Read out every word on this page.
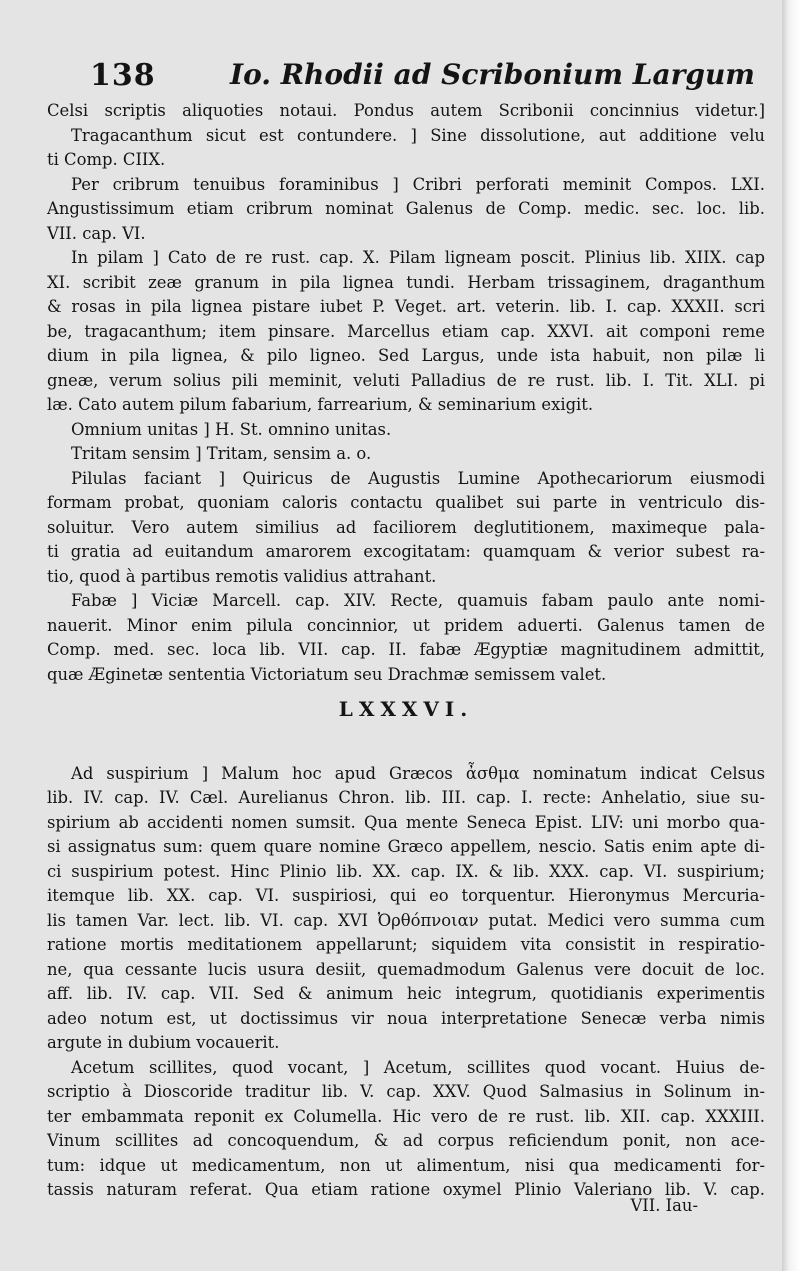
138	Io. Rhodii ad Scribonium Largum

Celsi scriptis aliquoties notaui. Pondus autem Scribonii concinnius videtur.]

Tragacanthum sicut est contundere. ] Sine dissolutione, aut additione velu

ti Comp. CIIX.

Per cribrum tenuibus foraminibus ] Cribri perforati meminit Compos. LXI.

Angustissimum etiam cribrum nominat Galenus de Comp. medic. sec. loc. lib.

VII. cap. VI.

In pilam ] Cato de re rust. cap. X. Pilam ligneam poscit. Plinius lib. XIIX. cap

XI. scribit zeæ granum in pila lignea tundi. Herbam trissaginem, draganthum

& rosas in pila lignea pistare iubet P. Veget. art. veterin. lib. I. cap. XXXII. scri

be, tragacanthum; item pinsare. Marcellus etiam cap. XXVI. ait componi reme

dium in pila lignea, & pilo ligneo. Sed Largus, unde ista habuit, non pilæ li

gneæ, verum solius pili meminit, veluti Palladius de re rust. lib. I. Tit. XLI. pi

læ. Cato autem pilum fabarium, farrearium, & seminarium exigit.

Omnium unitas ] H. St. omnino unitas.

Tritam sensim ] Tritam, sensim a. o.

Pilulas faciant ] Quiricus de Augustis Lumine Apothecariorum eiusmodi

formam probat, quoniam caloris contactu qualibet sui parte in ventriculo dis-

soluitur. Vero autem similius ad faciliorem deglutitionem, maximeque pala-

ti gratia ad euitandum amarorem excogitatam: quamquam & verior subest ra-

tio, quod à partibus remotis validius attrahant.

Fabæ ] Viciæ Marcell. cap. XIV. Recte, quamuis fabam paulo ante nomi-

nauerit. Minor enim pilula concinnior, ut pridem aduerti. Galenus tamen de

Comp. med. sec. loca lib. VII. cap. II. fabæ Ægyptiæ magnitudinem admittit,

quæ Æginetæ sententia Victoriatum seu Drachmæ semissem valet.

LXXXVI.

Ad suspirium ] Malum hoc apud Græcos ἆσθμα nominatum indicat Celsus

lib. IV. cap. IV. Cæl. Aurelianus Chron. lib. III. cap. I. recte: Anhelatio, siue su-

spirium ab accidenti nomen sumsit. Qua mente Seneca Epist. LIV: uni morbo qua-

si assignatus sum: quem quare nomine Græco appellem, nescio. Satis enim apte di-

ci suspirium potest. Hinc Plinio lib. XX. cap. IX. & lib. XXX. cap. VI. suspirium;

itemque lib. XX. cap. VI. suspiriosi, qui eo torquentur. Hieronymus Mercuria-

lis tamen Var. lect. lib. VI. cap. XVI Ὀρθόπνοιαν putat. Medici vero summa cum

ratione mortis meditationem appellarunt; siquidem vita consistit in respiratio-

ne, qua cessante lucis usura desiit, quemadmodum Galenus vere docuit de loc.

aff. lib. IV. cap. VII. Sed & animum heic integrum, quotidianis experimentis

adeo notum est, ut doctissimus vir noua interpretatione Senecæ verba nimis

argute in dubium vocauerit.

Acetum scillites, quod vocant, ] Acetum, scillites quod vocant. Huius de-

scriptio à Dioscoride traditur lib. V. cap. XXV. Quod Salmasius in Solinum in-

ter embammata reponit ex Columella. Hic vero de re rust. lib. XII. cap. XXXIII.

Vinum scillites ad concoquendum, & ad corpus reficiendum ponit, non ace-

tum: idque ut medicamentum, non ut alimentum, nisi qua medicamenti for-

tassis naturam referat. Qua etiam ratione oxymel Plinio Valeriano lib. V. cap.

VII. Iau-
